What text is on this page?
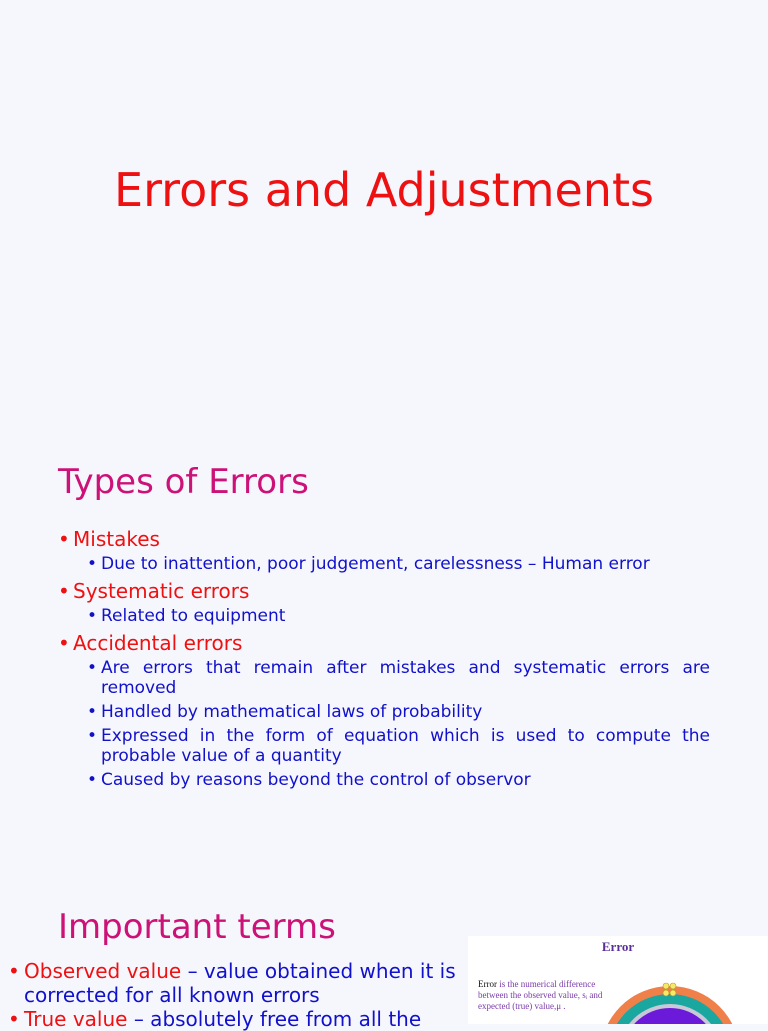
Errors and Adjustments
Types of Errors
• Mistakes
• Due to inattention, poor judgement, carelessness – Human error
• Systematic errors
• Related to equipment
• Accidental errors
• Are errors that remain after mistakes and systematic errors are removed
• Handled by mathematical laws of probability
• Expressed in the form of equation which is used to compute the probable value of a quantity
• Caused by reasons beyond the control of observor
Important terms
• Observed value – value obtained when it is corrected for all known errors
• True value – absolutely free from all the
Error
Error is the numerical difference between the observed value, sᵢ and expected (true) value,μ .
